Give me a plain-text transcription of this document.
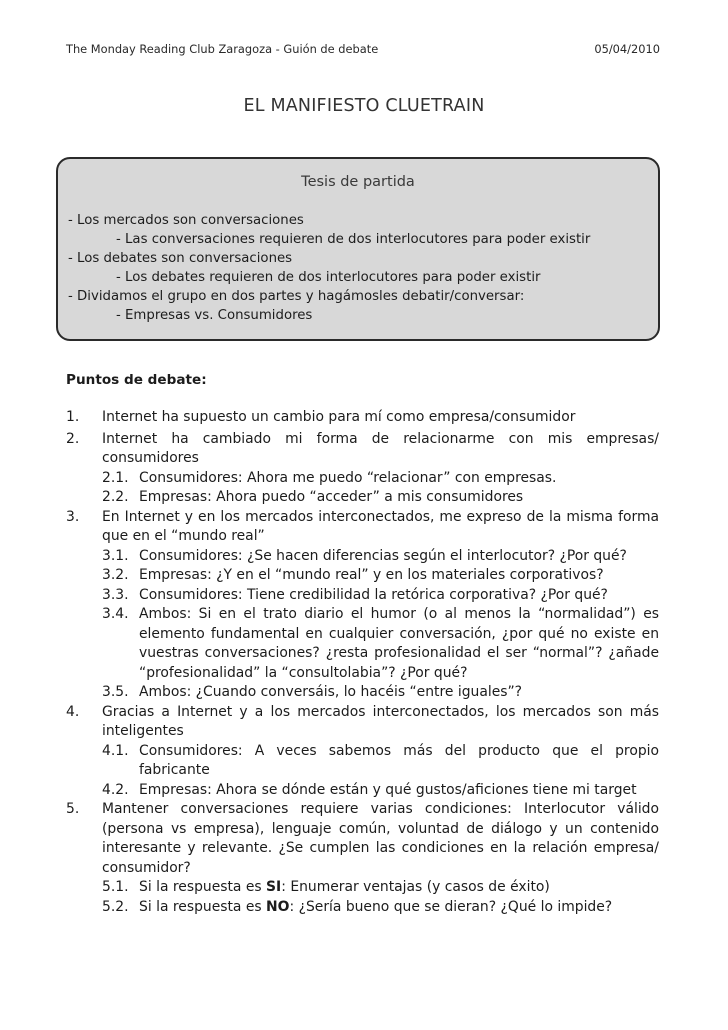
The Monday Reading Club Zaragoza - Guión de debate	05/04/2010
EL MANIFIESTO CLUETRAIN
Tesis de partida
- Los mercados son conversaciones
- Las conversaciones requieren de dos interlocutores para poder existir
- Los debates son conversaciones
- Los debates requieren de dos interlocutores para poder existir
- Dividamos el grupo en dos partes y hagámosles debatir/conversar:
- Empresas vs. Consumidores
Puntos de debate:
1.	Internet ha supuesto un cambio para mí como empresa/consumidor
2.	Internet ha cambiado mi forma de relacionarme con mis empresas/ consumidores
2.1. Consumidores: Ahora me puedo “relacionar” con empresas.
2.2. Empresas: Ahora puedo “acceder” a mis consumidores
3.	En Internet y en los mercados interconectados, me expreso de la misma forma que en el “mundo real”
3.1. Consumidores: ¿Se hacen diferencias según el interlocutor? ¿Por qué?
3.2. Empresas: ¿Y en el “mundo real” y en los materiales corporativos?
3.3. Consumidores: Tiene credibilidad la retórica corporativa? ¿Por qué?
3.4. Ambos: Si en el trato diario el humor (o al menos la “normalidad”) es elemento fundamental en cualquier conversación, ¿por qué no existe en vuestras conversaciones? ¿resta profesionalidad el ser “normal”? ¿añade “profesionalidad” la “consultolabia”? ¿Por qué?
3.5. Ambos: ¿Cuando conversáis, lo hacéis “entre iguales”?
4.	Gracias a Internet y a los mercados interconectados, los mercados son más inteligentes
4.1. Consumidores: A veces sabemos más del producto que el propio fabricante
4.2. Empresas: Ahora se dónde están y qué gustos/aficiones tiene mi target
5.	Mantener conversaciones requiere varias condiciones: Interlocutor válido (persona vs empresa), lenguaje común, voluntad de diálogo y un contenido interesante y relevante. ¿Se cumplen las condiciones en la relación empresa/ consumidor?
5.1. Si la respuesta es SI: Enumerar ventajas (y casos de éxito)
5.2. Si la respuesta es NO: ¿Sería bueno que se dieran? ¿Qué lo impide?
